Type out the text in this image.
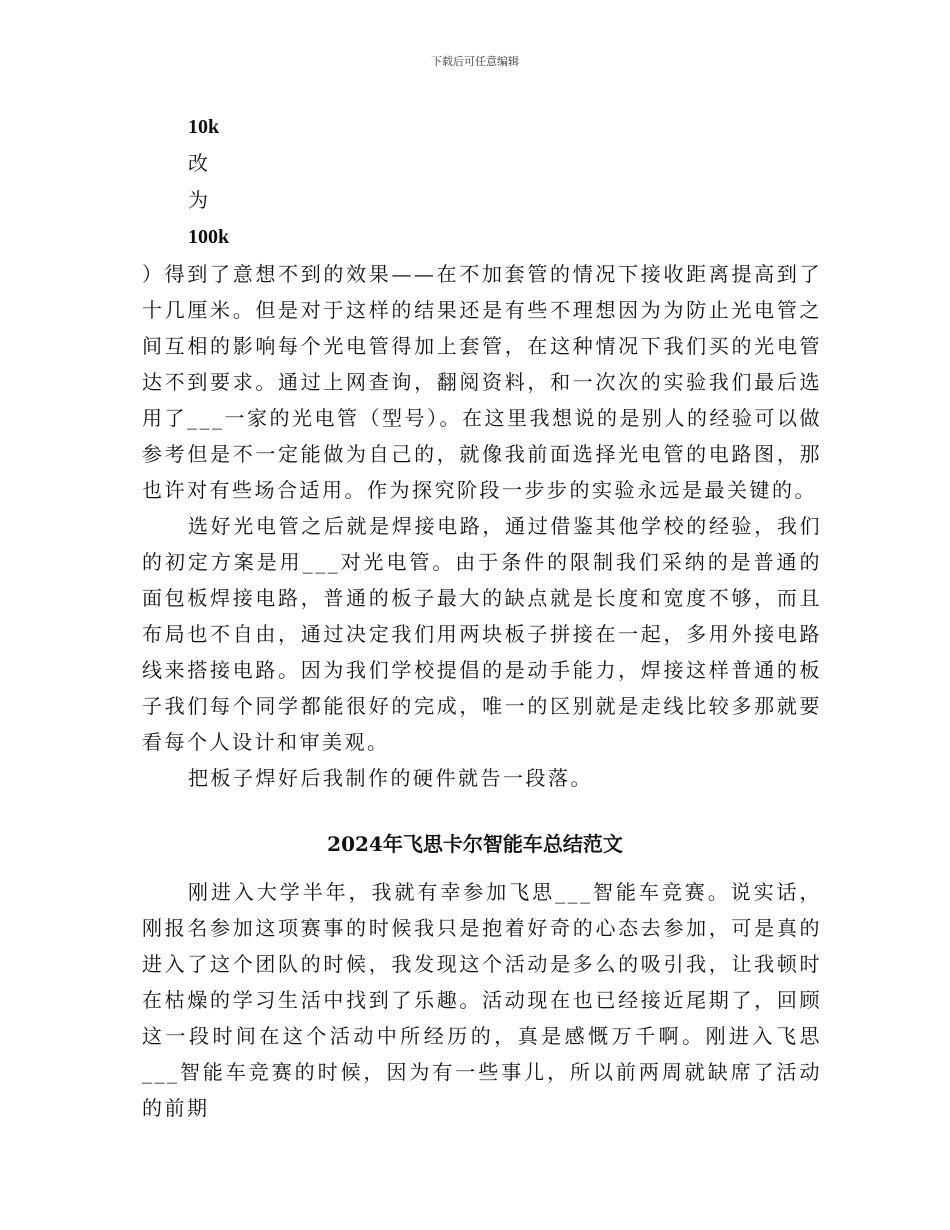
下载后可任意编辑
10k
改
为
100k

）得到了意想不到的效果——在不加套管的情况下接收距离提高到了十几厘米。但是对于这样的结果还是有些不理想因为为防止光电管之间互相的影响每个光电管得加上套管，在这种情况下我们买的光电管达不到要求。通过上网查询，翻阅资料，和一次次的实验我们最后选用了___一家的光电管（型号）。在这里我想说的是别人的经验可以做参考但是不一定能做为自己的，就像我前面选择光电管的电路图，那也许对有些场合适用。作为探究阶段一步步的实验永远是最关键的。

选好光电管之后就是焊接电路，通过借鉴其他学校的经验，我们的初定方案是用___对光电管。由于条件的限制我们采纳的是普通的面包板焊接电路，普通的板子最大的缺点就是长度和宽度不够，而且布局也不自由，通过决定我们用两块板子拼接在一起，多用外接电路线来搭接电路。因为我们学校提倡的是动手能力，焊接这样普通的板子我们每个同学都能很好的完成，唯一的区别就是走线比较多那就要看每个人设计和审美观。

把板子焊好后我制作的硬件就告一段落。

2024年飞思卡尔智能车总结范文

刚进入大学半年，我就有幸参加飞思___智能车竞赛。说实话，刚报名参加这项赛事的时候我只是抱着好奇的心态去参加，可是真的进入了这个团队的时候，我发现这个活动是多么的吸引我，让我顿时在枯燥的学习生活中找到了乐趣。活动现在也已经接近尾期了，回顾这一段时间在这个活动中所经历的，真是感慨万千啊。刚进入飞思___智能车竞赛的时候，因为有一些事儿，所以前两周就缺席了活动的前期
